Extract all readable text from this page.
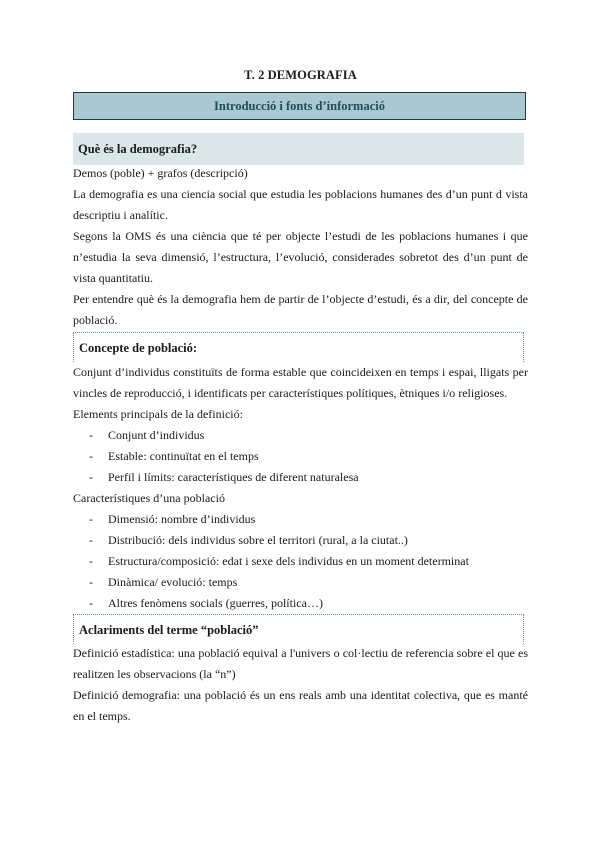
T. 2 DEMOGRAFIA
Introducció i fonts d’informació
Què és la demografia?
Demos (poble) + grafos (descripció)
La demografia es una ciencia social que estudia les poblacions humanes des d’un punt d vista descriptiu i analític.
Segons la OMS és una ciència que té per objecte l’estudi de les poblacions humanes i que n’estudia la seva dimensió, l’estructura, l’evolució, considerades sobretot des d’un punt de vista quantitatiu.
Per entendre què és la demografia hem de partir de l’objecte d’estudi, és a dir, del concepte de població.
Concepte de població:
Conjunt d’individus constituïts de forma estable que coincideixen en temps i espai, lligats per vincles de reproducció, i identificats per característiques polítiques, ètniques i/o religioses.
Elements principals de la definició:
- Conjunt d’individus
- Estable: continuïtat en el temps
- Perfil i límits: característiques de diferent naturalesa
Característiques d’una població
- Dimensió: nombre d’individus
- Distribució: dels individus sobre el territori (rural, a la ciutat..)
- Estructura/composició: edat i sexe dels individus en un moment determinat
- Dinàmica/ evolució: temps
- Altres fenòmens socials (guerres, política…)
Aclariments del terme “població”
Definició estadística: una població equival a l'univers o col·lectiu de referencia sobre el que es realitzen les observacions (la “n”)
Definició demografia: una població és un ens reals amb una identitat colectiva, que es manté en el temps.
